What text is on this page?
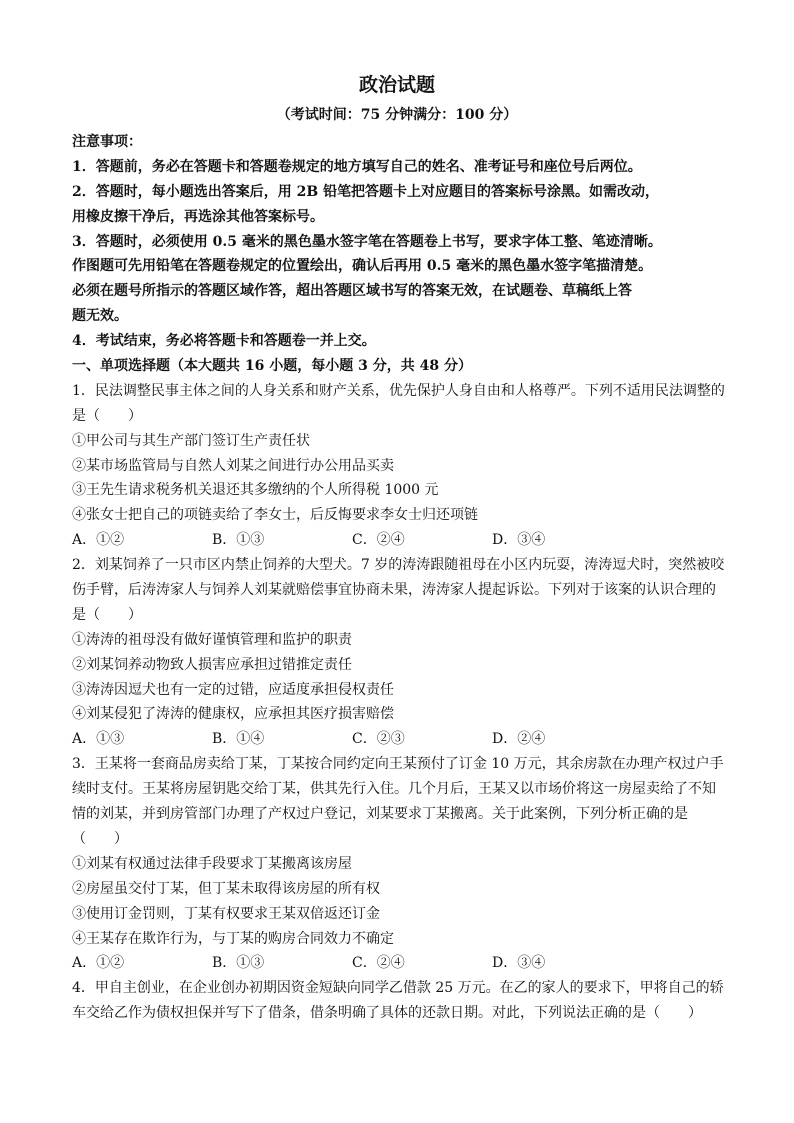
政治试题
（考试时间：75 分钟满分：100 分）
注意事项：
1．答题前，务必在答题卡和答题卷规定的地方填写自己的姓名、准考证号和座位号后两位。
2．答题时，每小题选出答案后，用 2B 铅笔把答题卡上对应题目的答案标号涂黑。如需改动，
用橡皮擦干净后，再选涂其他答案标号。
3．答题时，必须使用 0.5 毫米的黑色墨水签字笔在答题卷上书写，要求字体工整、笔迹清晰。
作图题可先用铅笔在答题卷规定的位置绘出，确认后再用 0.5 毫米的黑色墨水签字笔描清楚。
必须在题号所指示的答题区域作答，超出答题区域书写的答案无效，在试题卷、草稿纸上答
题无效。
4．考试结束，务必将答题卡和答题卷一并上交。
一、单项选择题（本大题共 16 小题，每小题 3 分，共 48 分）
1．民法调整民事主体之间的人身关系和财产关系，优先保护人身自由和人格尊严。下列不适用民法调整的
是（　　）
①甲公司与其生产部门签订生产责任状
②某市场监管局与自然人刘某之间进行办公用品买卖
③王先生请求税务机关退还其多缴纳的个人所得税 1000 元
④张女士把自己的项链卖给了李女士，后反悔要求李女士归还项链
A．①②	B．①③	C．②④	D．③④
2．刘某饲养了一只市区内禁止饲养的大型犬。7 岁的涛涛跟随祖母在小区内玩耍，涛涛逗犬时，突然被咬
伤手臂，后涛涛家人与饲养人刘某就赔偿事宜协商未果，涛涛家人提起诉讼。下列对于该案的认识合理的
是（　　）
①涛涛的祖母没有做好谨慎管理和监护的职责
②刘某饲养动物致人损害应承担过错推定责任
③涛涛因逗犬也有一定的过错，应适度承担侵权责任
④刘某侵犯了涛涛的健康权，应承担其医疗损害赔偿
A．①③	B．①④	C．②③	D．②④
3．王某将一套商品房卖给丁某，丁某按合同约定向王某预付了订金 10 万元，其余房款在办理产权过户手
续时支付。王某将房屋钥匙交给丁某，供其先行入住。几个月后，王某又以市场价将这一房屋卖给了不知
情的刘某，并到房管部门办理了产权过户登记，刘某要求丁某搬离。关于此案例，下列分析正确的是
（　　）
①刘某有权通过法律手段要求丁某搬离该房屋
②房屋虽交付丁某，但丁某未取得该房屋的所有权
③使用订金罚则，丁某有权要求王某双倍返还订金
④王某存在欺诈行为，与丁某的购房合同效力不确定
A．①②	B．①③	C．②④	D．③④
4．甲自主创业，在企业创办初期因资金短缺向同学乙借款 25 万元。在乙的家人的要求下，甲将自己的轿
车交给乙作为债权担保并写下了借条，借条明确了具体的还款日期。对此，下列说法正确的是（　　）
